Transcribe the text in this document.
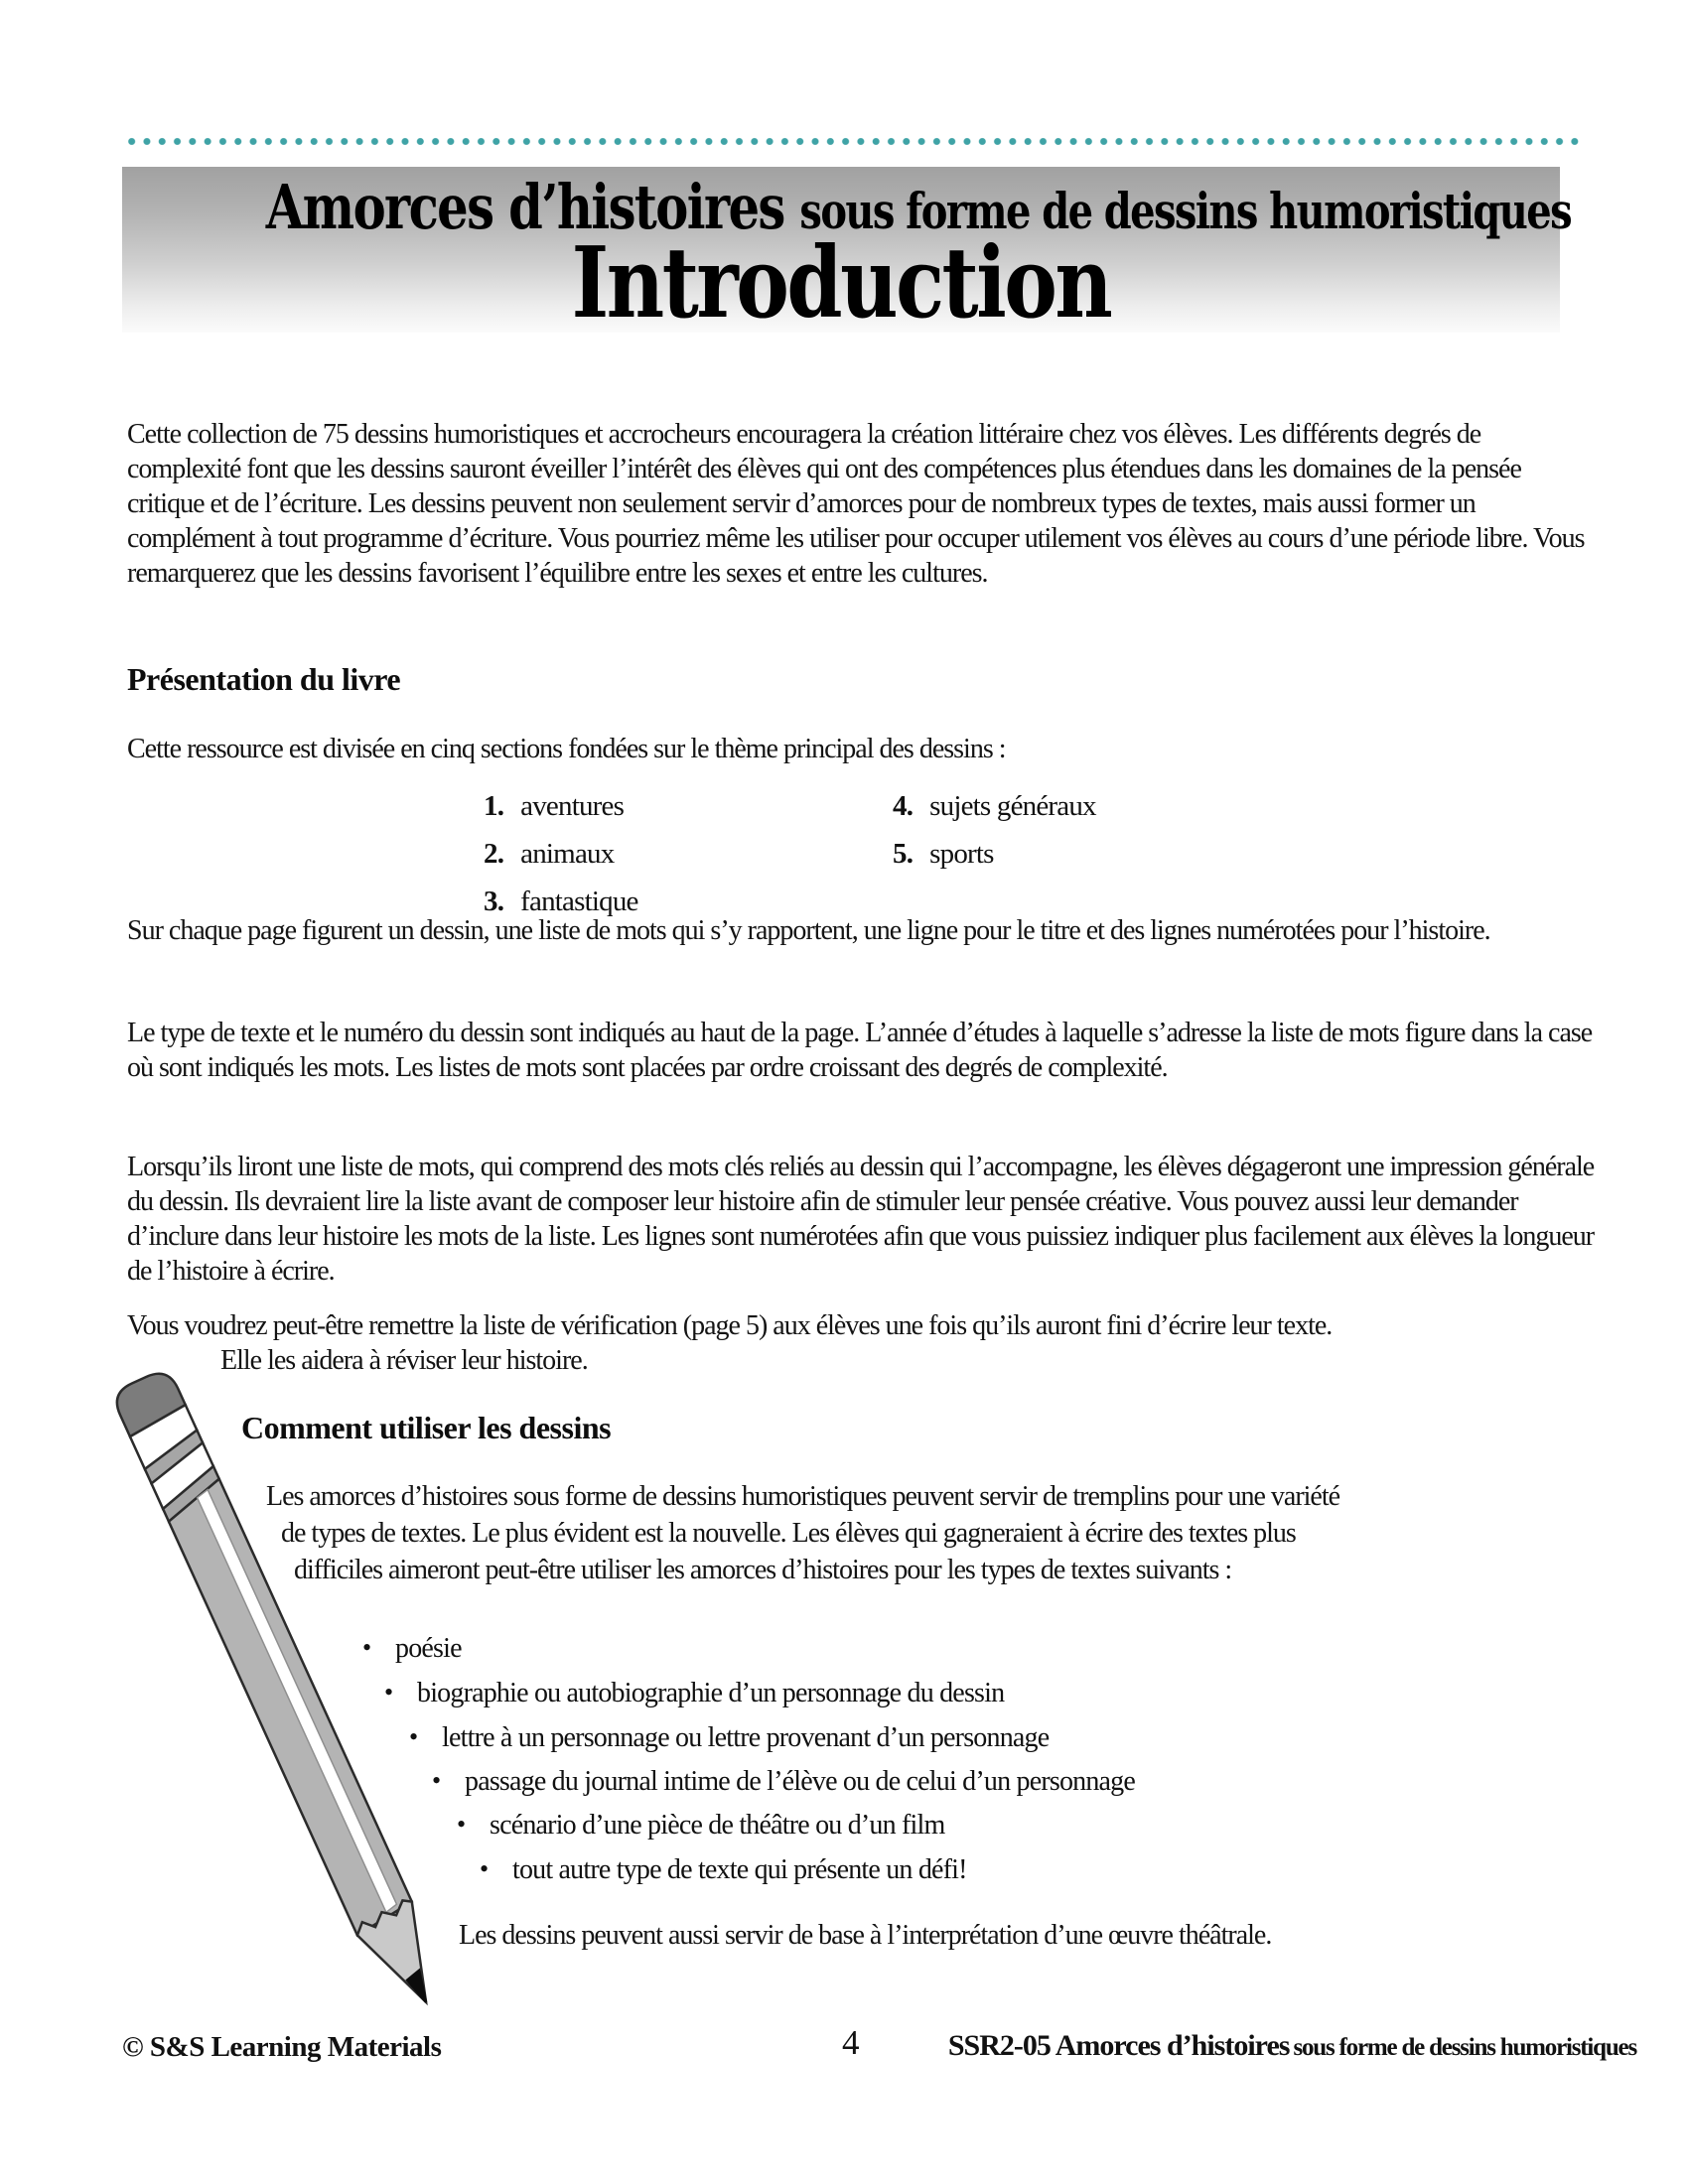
Amorces d’histoires sous forme de dessins humoristiques
Introduction
Cette collection de 75 dessins humoristiques et accrocheurs encouragera la création littéraire chez vos élèves. Les différents degrés de complexité font que les dessins sauront éveiller l’intérêt des élèves qui ont des compétences plus étendues dans les domaines de la pensée critique et de l’écriture. Les dessins peuvent non seulement servir d’amorces pour de nombreux types de textes, mais aussi former un complément à tout programme d’écriture. Vous pourriez même les utiliser pour occuper utilement vos élèves au cours d’une période libre. Vous remarquerez que les dessins favorisent l’équilibre entre les sexes et entre les cultures.
Présentation du livre
Cette ressource est divisée en cinq sections fondées sur le thème principal des dessins :
1. aventures
2. animaux
3. fantastique
4. sujets généraux
5. sports
Sur chaque page figurent un dessin, une liste de mots qui s’y rapportent, une ligne pour le titre et des lignes numérotées pour l’histoire.
Le type de texte et le numéro du dessin sont indiqués au haut de la page. L’année d’études à laquelle s’adresse la liste de mots figure dans la case où sont indiqués les mots. Les listes de mots sont placées par ordre croissant des degrés de complexité.
Lorsqu’ils liront une liste de mots, qui comprend des mots clés reliés au dessin qui l’accompagne, les élèves dégageront une impression générale du dessin. Ils devraient lire la liste avant de composer leur histoire afin de stimuler leur pensée créative. Vous pouvez aussi leur demander d’inclure dans leur histoire les mots de la liste. Les lignes sont numérotées afin que vous puissiez indiquer plus facilement aux élèves la longueur de l’histoire à écrire.
Vous voudrez peut-être remettre la liste de vérification (page 5) aux élèves une fois qu’ils auront fini d’écrire leur texte.
Elle les aidera à réviser leur histoire.
Comment utiliser les dessins
Les amorces d’histoires sous forme de dessins humoristiques peuvent servir de tremplins pour une variété
de types de textes. Le plus évident est la nouvelle. Les élèves qui gagneraient à écrire des textes plus
difficiles aimeront peut-être utiliser les amorces d’histoires pour les types de textes suivants :
• poésie
• biographie ou autobiographie d’un personnage du dessin
• lettre à un personnage ou lettre provenant d’un personnage
• passage du journal intime de l’élève ou de celui d’un personnage
• scénario d’une pièce de théâtre ou d’un film
• tout autre type de texte qui présente un défi!
Les dessins peuvent aussi servir de base à l’interprétation d’une œuvre théâtrale.
© S&S Learning Materials	4	SSR2-05 Amorces d’histoires sous forme de dessins humoristiques
